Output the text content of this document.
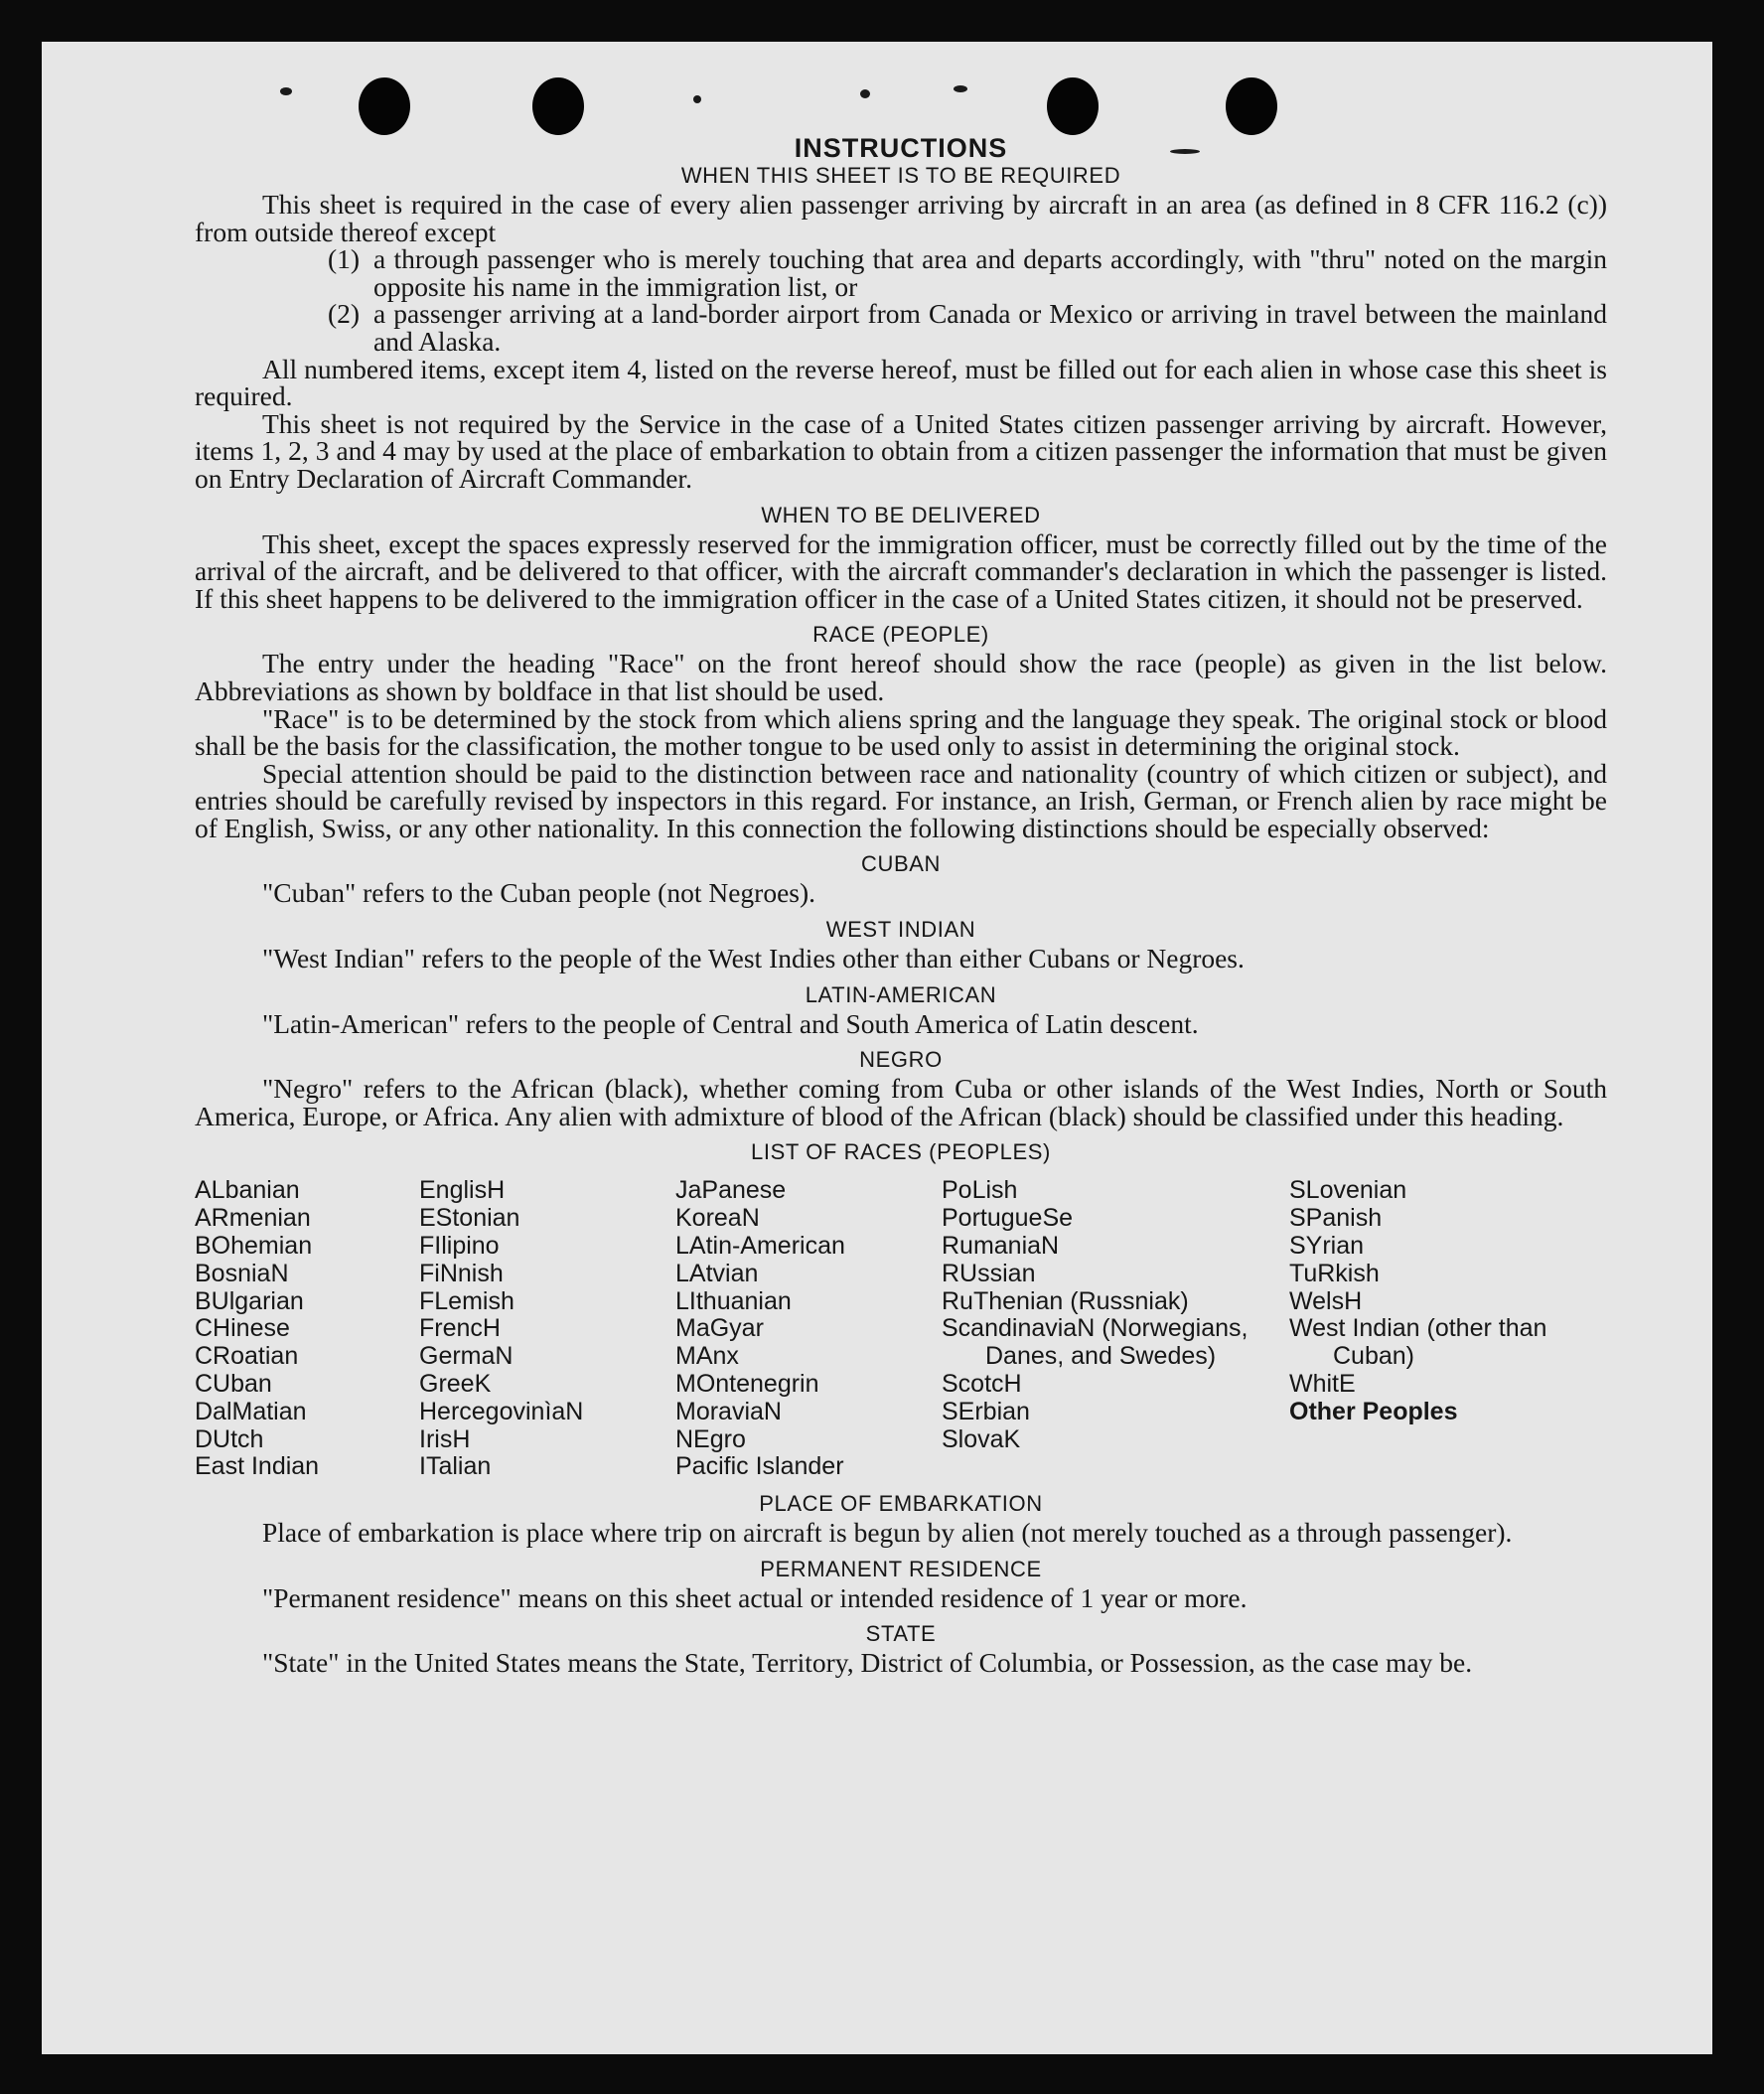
INSTRUCTIONS
WHEN THIS SHEET IS TO BE REQUIRED

This sheet is required in the case of every alien passenger arriving by aircraft in an area (as defined in 8 CFR 116.2 (c)) from outside thereof except

(1) a through passenger who is merely touching that area and departs accordingly, with "thru" noted on the margin opposite his name in the immigration list, or
(2) a passenger arriving at a land-border airport from Canada or Mexico or arriving in travel between the mainland and Alaska.

All numbered items, except item 4, listed on the reverse hereof, must be filled out for each alien in whose case this sheet is required.

This sheet is not required by the Service in the case of a United States citizen passenger arriving by aircraft. However, items 1, 2, 3 and 4 may by used at the place of embarkation to obtain from a citizen passenger the information that must be given on Entry Declaration of Aircraft Commander.

WHEN TO BE DELIVERED

This sheet, except the spaces expressly reserved for the immigration officer, must be correctly filled out by the time of the arrival of the aircraft, and be delivered to that officer, with the aircraft commander's declaration in which the passenger is listed. If this sheet happens to be delivered to the immigration officer in the case of a United States citizen, it should not be preserved.

RACE (PEOPLE)

The entry under the heading "Race" on the front hereof should show the race (people) as given in the list below. Abbreviations as shown by boldface in that list should be used.

"Race" is to be determined by the stock from which aliens spring and the language they speak. The original stock or blood shall be the basis for the classification, the mother tongue to be used only to assist in determining the original stock.

Special attention should be paid to the distinction between race and nationality (country of which citizen or subject), and entries should be carefully revised by inspectors in this regard. For instance, an Irish, German, or French alien by race might be of English, Swiss, or any other nationality. In this connection the following distinctions should be especially observed:

CUBAN

"Cuban" refers to the Cuban people (not Negroes).

WEST INDIAN

"West Indian" refers to the people of the West Indies other than either Cubans or Negroes.

LATIN-AMERICAN

"Latin-American" refers to the people of Central and South America of Latin descent.

NEGRO

"Negro" refers to the African (black), whether coming from Cuba or other islands of the West Indies, North or South America, Europe, or Africa. Any alien with admixture of blood of the African (black) should be classified under this heading.

LIST OF RACES (PEOPLES)
ALbanian
ARmenian
BOhemian
BosniaN
BUlgarian
CHinese
CRoatian
CUban
DalMatian
DUtch
East Indian
EnglisH
EStonian
FIlipino
FiNnish
FLemish
FrencH
GermaN
GreeK
HercegovinìaN
IrisH
ITalian
JaPanese
KoreaN
LAtin-American
LAtvian
LIthuanian
MaGyar
MAnx
MOntenegrin
MoraviaN
NEgro
Pacific Islander
PoLish
PortugueSe
RumaniaN
RUssian
RuThenian (Russniak)
ScandinaviaN (Norwegians, Danes, and Swedes)
ScotcH
SErbian
SlovaK
SLovenian
SPanish
SYrian
TuRkish
WelsH
West Indian (other than Cuban)
WhitE
Other Peoples
PLACE OF EMBARKATION

Place of embarkation is place where trip on aircraft is begun by alien (not merely touched as a through passenger).

PERMANENT RESIDENCE

"Permanent residence" means on this sheet actual or intended residence of 1 year or more.

STATE

"State" in the United States means the State, Territory, District of Columbia, or Possession, as the case may be.
